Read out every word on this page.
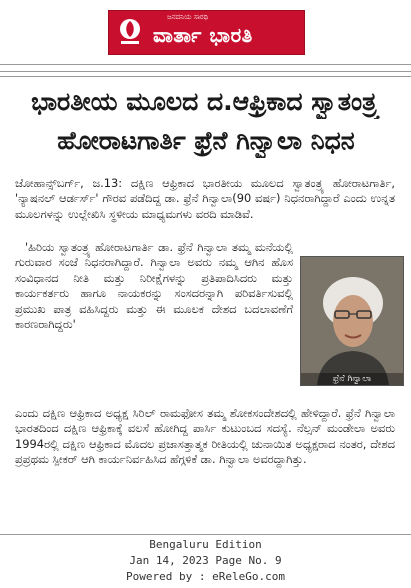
ಜನದನಿಯ ಸಾರಥಿ
ವಾರ್ತಾ ಭಾರತಿ
ಭಾರತೀಯ ಮೂಲದ ದ.ಆಫ್ರಿಕಾದ ಸ್ವಾತಂತ್ರ್ಯ
ಹೋರಾಟಗಾರ್ತಿ ಫ್ರೆನೆ ಗಿನ್ವಾಲಾ ನಿಧನ

ಜೋಹಾನ್ಸ್‌ಬರ್ಗ್, ಜ.13: ದಕ್ಷಿಣ ಆಫ್ರಿಕಾದ ಭಾರತೀಯ ಮೂಲದ ಸ್ವಾತಂತ್ರ್ಯ ಹೋರಾಟಗಾರ್ತಿ, 'ನ್ಯಾಷನಲ್ ಆರ್ಡರ್ಸ್' ಗೌರವ ಪಡೆದಿದ್ದ ಡಾ. ಫ್ರೆನೆ ಗಿನ್ವಾಲಾ(90 ವರ್ಷ) ನಿಧನರಾಗಿದ್ದಾರೆ ಎಂದು ಉನ್ನತ ಮೂಲಗಳನ್ನು ಉಲ್ಲೇಖಿಸಿ ಸ್ಥಳೀಯ ಮಾಧ್ಯಮಗಳು ವರದಿ ಮಾಡಿವೆ.

'ಹಿರಿಯ ಸ್ವಾತಂತ್ರ್ಯ ಹೋರಾಟಗಾರ್ತಿ ಡಾ. ಫ್ರೆನೆ ಗಿನ್ವಾಲಾ ತಮ್ಮ ಮನೆಯಲ್ಲಿ ಗುರುವಾರ ಸಂಜೆ ನಿಧನರಾಗಿದ್ದಾರೆ. ಗಿನ್ವಾಲಾ ಅವರು ನಮ್ಮ ಆಗಿನ ಹೊಸ ಸಂವಿಧಾನದ ನೀತಿ ಮತ್ತು ನಿರೀಕ್ಷೆಗಳನ್ನು ಪ್ರತಿಪಾದಿಸಿದರು ಮತ್ತು ಕಾರ್ಯಕರ್ತರು ಹಾಗೂ ನಾಯಕರನ್ನು ಸಂಸದರನ್ನಾಗಿ ಪರಿವರ್ತಿಸುವಲ್ಲಿ ಪ್ರಮುಖ ಪಾತ್ರ ವಹಿಸಿದ್ದರು ಮತ್ತು ಈ ಮೂಲಕ ದೇಶದ ಬದಲಾವಣೆಗೆ ಕಾರಣರಾಗಿದ್ದರು'

ಫ್ರೆನೆ ಗಿನ್ವಾಲಾ

ಎಂದು ದಕ್ಷಿಣ ಆಫ್ರಿಕಾದ ಅಧ್ಯಕ್ಷ ಸಿರಿಲ್ ರಾಮಫೋಸ ತಮ್ಮ ಶೋಕಸಂದೇಶದಲ್ಲಿ ಹೇಳಿದ್ದಾರೆ. ಫ್ರೆನೆ ಗಿನ್ವಾಲಾ ಭಾರತದಿಂದ ದಕ್ಷಿಣ ಆಫ್ರಿಕಾಕ್ಕೆ ವಲಸೆ ಹೋಗಿದ್ದ ಪಾರ್ಸಿ ಕುಟುಂಬದ ಸದಸ್ಯೆ. ನೆಲ್ಸನ್ ಮಂಡೇಲಾ ಅವರು 1994ರಲ್ಲಿ ದಕ್ಷಿಣ ಆಫ್ರಿಕಾದ ಮೊದಲ ಪ್ರಜಾಸತ್ತಾತ್ಮಕ ರೀತಿಯಲ್ಲಿ ಚುನಾಯಿತ ಅಧ್ಯಕ್ಷರಾದ ನಂತರ, ದೇಶದ ಪ್ರಪ್ರಥಮ ಸ್ಪೀಕರ್ ಆಗಿ ಕಾರ್ಯನಿರ್ವಹಿಸಿದ ಹೆಗ್ಗಳಿಕೆ ಡಾ. ಗಿನ್ವಾಲಾ ಅವರದ್ದಾಗಿತ್ತು.

Bengaluru Edition
Jan 14, 2023 Page No. 9
Powered by : eReleGo.com
